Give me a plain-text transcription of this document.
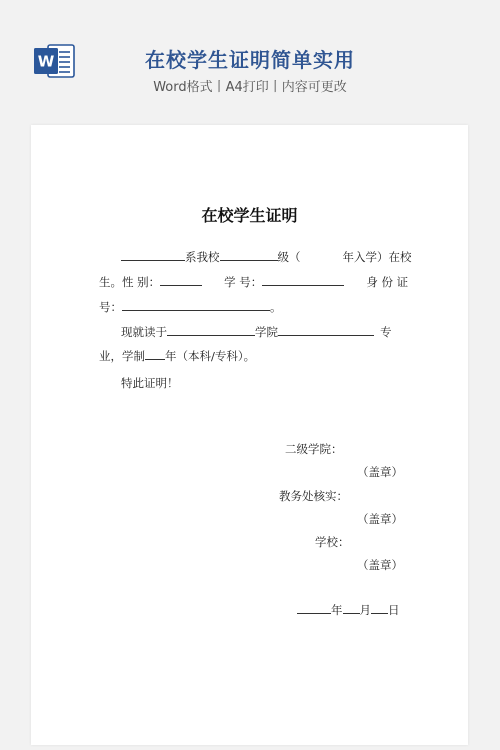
W	在校学生证明简单实用
Word格式丨A4打印丨内容可更改
在校学生证明
系我校	级（	年入学）在校
生。性 别：	学 号：	身 份 证
号：	。
现就读于	学院	专
业，学制 年（本科/专科）。
特此证明！
二级学院：
（盖章）
教务处核实：
（盖章）
学校：
（盖章）
年 月 日
